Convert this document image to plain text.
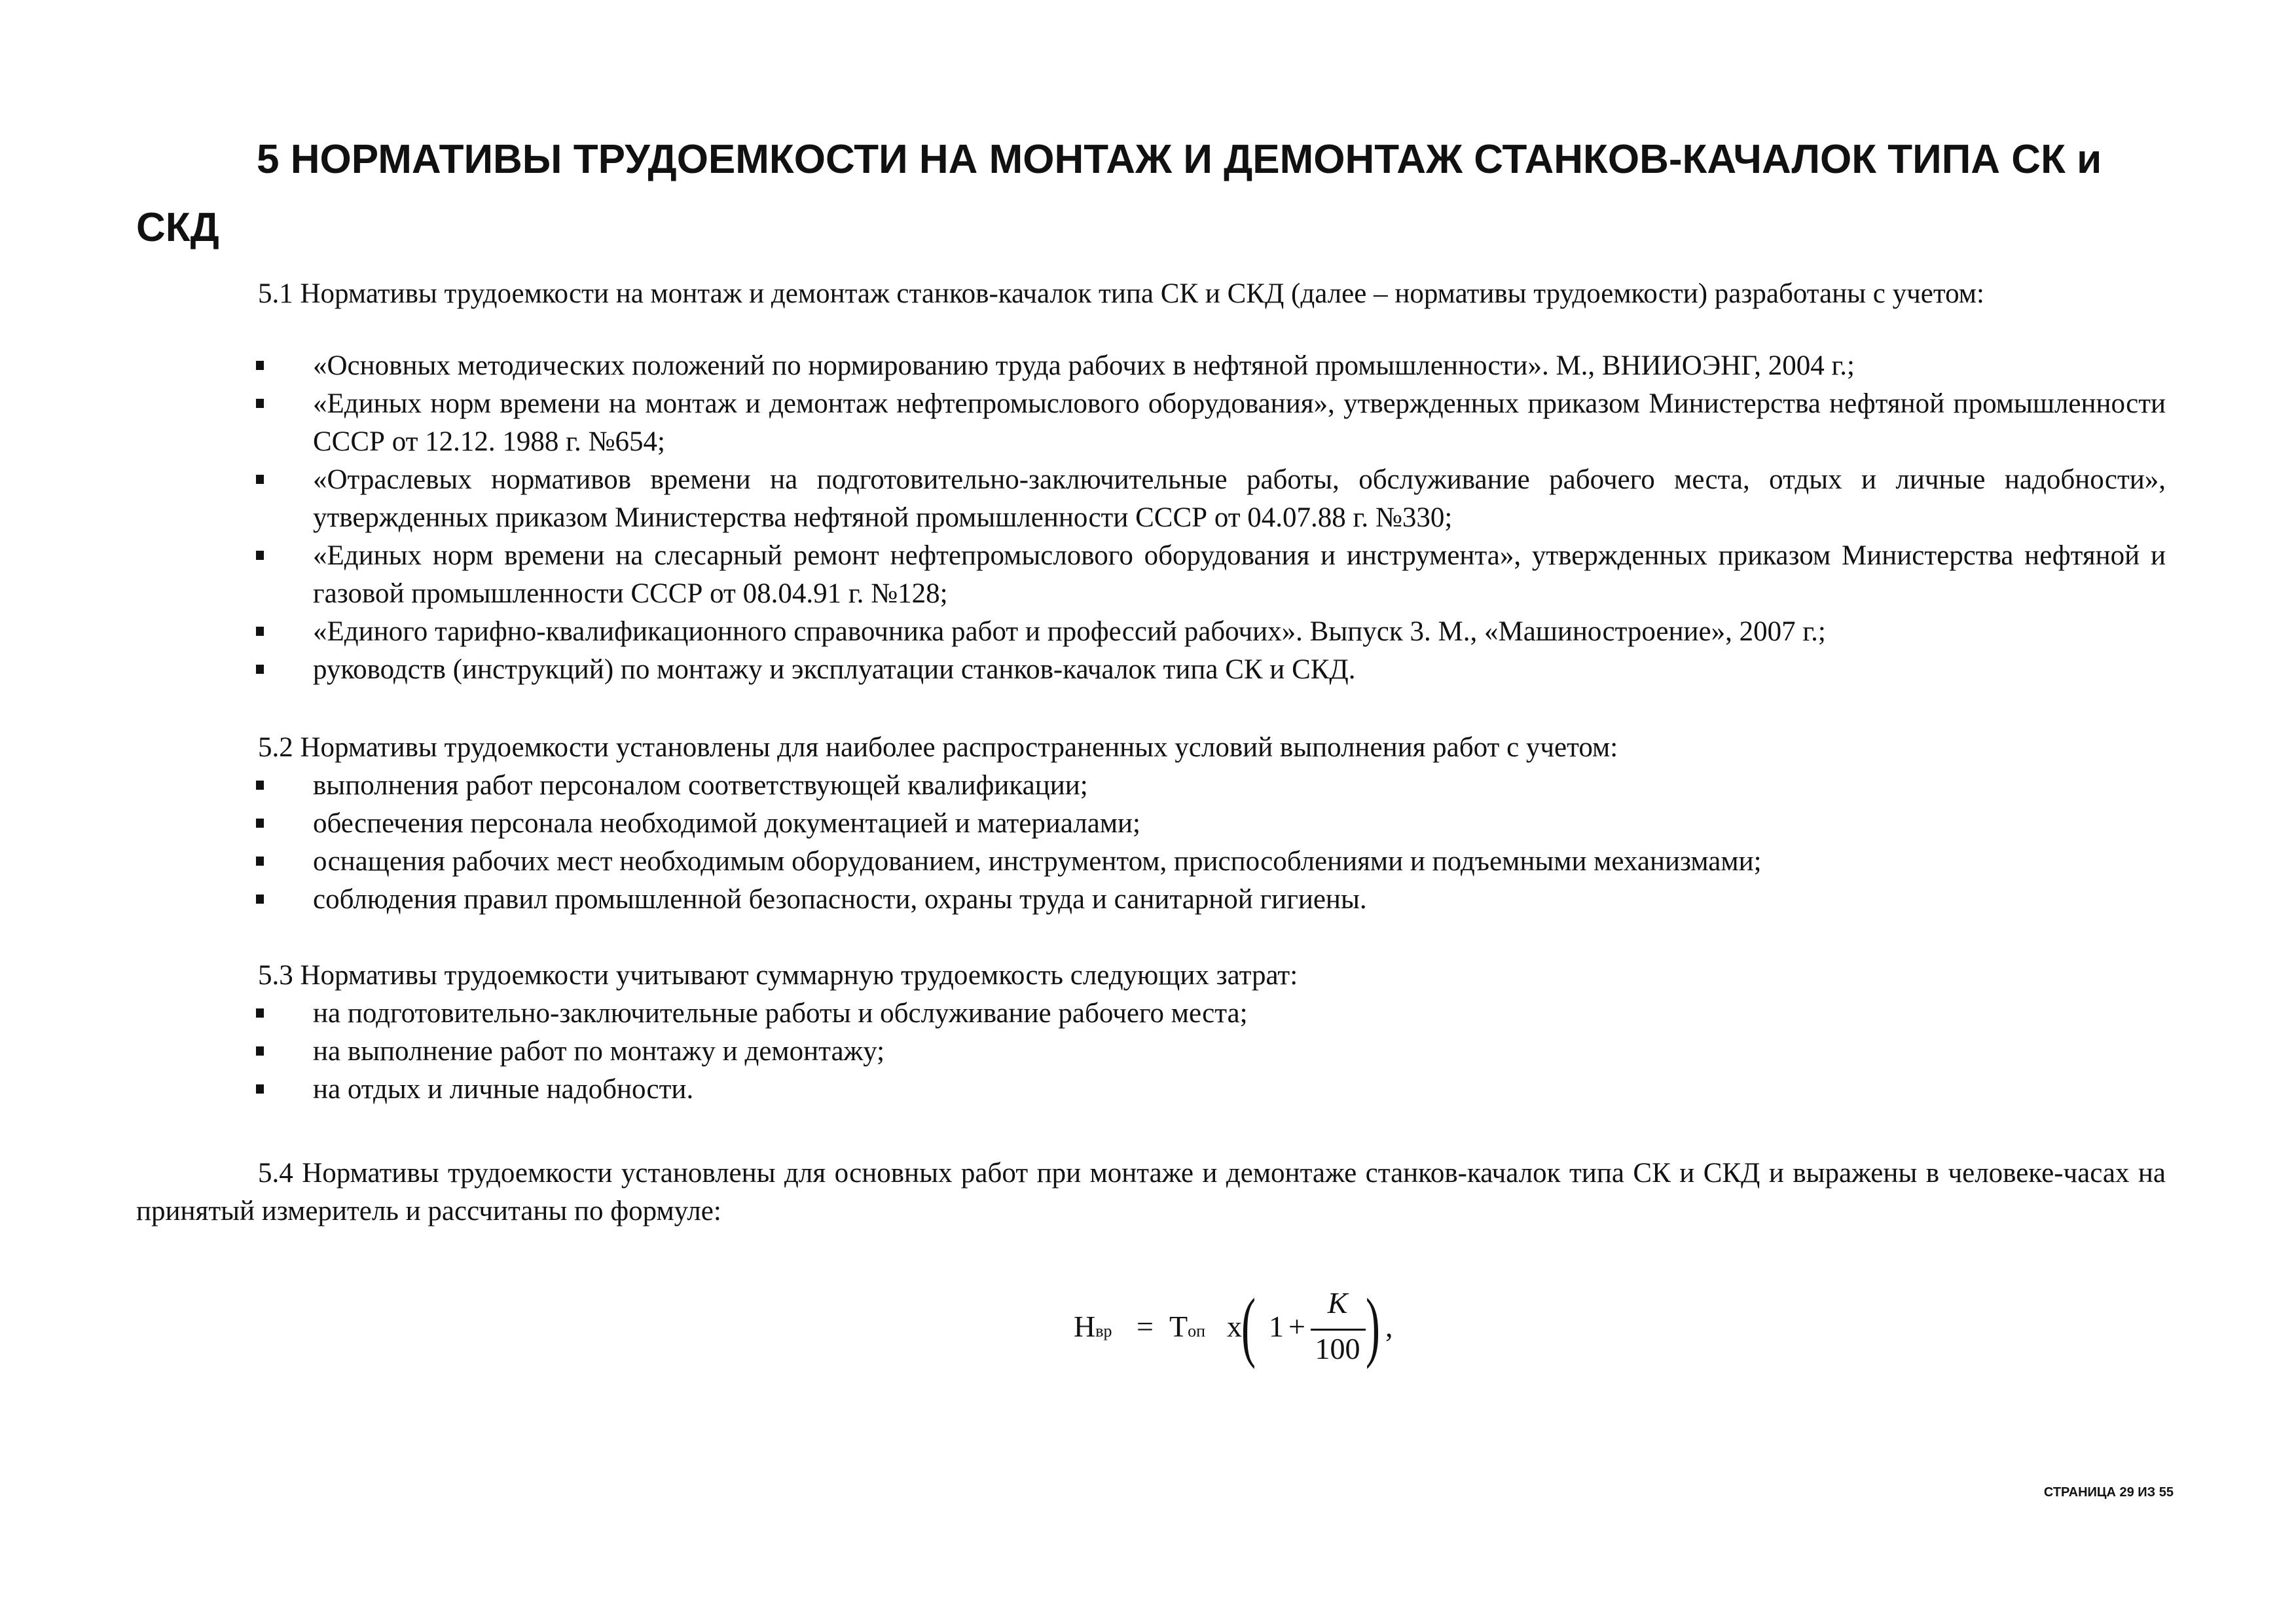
5 НОРМАТИВЫ ТРУДОЕМКОСТИ НА МОНТАЖ И ДЕМОНТАЖ СТАНКОВ-КАЧАЛОК ТИПА СК и СКД

5.1 Нормативы трудоемкости на монтаж и демонтаж станков-качалок типа СК и СКД (далее – нормативы трудоемкости) разработаны с учетом:

«Основных методических положений по нормированию труда рабочих в нефтяной промышленности». М., ВНИИОЭНГ, 2004 г.;
«Единых норм времени на монтаж и демонтаж нефтепромыслового оборудования», утвержденных приказом Министерства нефтяной промышленности СССР от 12.12. 1988 г. №654;
«Отраслевых нормативов времени на подготовительно-заключительные работы, обслуживание рабочего места, отдых и личные надобности», утвержденных приказом Министерства нефтяной промышленности СССР от 04.07.88 г. №330;
«Единых норм времени на слесарный ремонт нефтепромыслового оборудования и инструмента», утвержденных приказом Министерства нефтяной и газовой промышленности СССР от 08.04.91 г. №128;
«Единого тарифно-квалификационного справочника работ и профессий рабочих». Выпуск 3. М., «Машиностроение», 2007 г.;
руководств (инструкций) по монтажу и эксплуатации станков-качалок типа СК и СКД.

5.2 Нормативы трудоемкости установлены для наиболее распространенных условий выполнения работ с учетом:

выполнения работ персоналом соответствующей квалификации;
обеспечения персонала необходимой документацией и материалами;
оснащения рабочих мест необходимым оборудованием, инструментом, приспособлениями и подъемными механизмами;
соблюдения правил промышленной безопасности, охраны труда и санитарной гигиены.

5.3 Нормативы трудоемкости учитывают суммарную трудоемкость следующих затрат:

на подготовительно-заключительные работы и обслуживание рабочего места;
на выполнение работ по монтажу и демонтажу;
на отдых и личные надобности.

5.4 Нормативы трудоемкости установлены для основных работ при монтаже и демонтаже станков-качалок типа СК и СКД и выражены в человеке-часах на принятый измеритель и рассчитаны по формуле:

Нвр = Топ x ( 1 +
К
100 ) ,
СТРАНИЦА 29 ИЗ 55
